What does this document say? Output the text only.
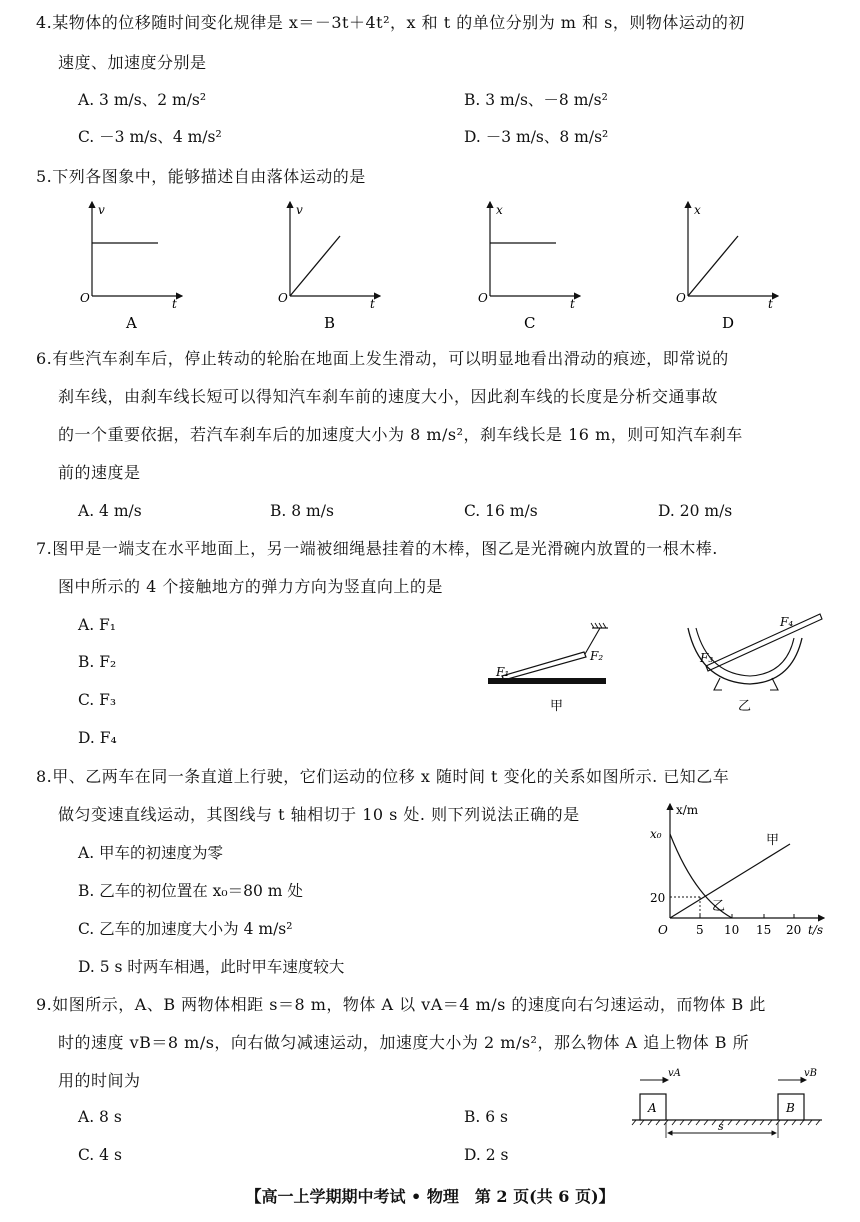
4.某物体的位移随时间变化规律是 x＝－3t＋4t²，x 和 t 的单位分别为 m 和 s，则物体运动的初
速度、加速度分别是
A. 3 m/s、2 m/s²	B. 3 m/s、－8 m/s²
C. －3 m/s、4 m/s²	D. －3 m/s、8 m/s²
5.下列各图象中，能够描述自由落体运动的是
v
t
O
A
v
t
O
B
x
t
O
C
x
t
O
D
6.有些汽车刹车后，停止转动的轮胎在地面上发生滑动，可以明显地看出滑动的痕迹，即常说的
刹车线，由刹车线长短可以得知汽车刹车前的速度大小，因此刹车线的长度是分析交通事故
的一个重要依据，若汽车刹车后的加速度大小为 8 m/s²，刹车线长是 16 m，则可知汽车刹车
前的速度是
A. 4 m/s	B. 8 m/s	C. 16 m/s	D. 20 m/s
7.图甲是一端支在水平地面上，另一端被细绳悬挂着的木棒，图乙是光滑碗内放置的一根木棒.
图中所示的 4 个接触地方的弹力方向为竖直向上的是
A. F₁
B. F₂
C. F₃
D. F₄
F₁
F₂
甲
F₃
F₄
乙
8.甲、乙两车在同一条直道上行驶，它们运动的位移 x 随时间 t 变化的关系如图所示. 已知乙车
做匀变速直线运动，其图线与 t 轴相切于 10 s 处. 则下列说法正确的是
A. 甲车的初速度为零
B. 乙车的初位置在 x₀＝80 m 处
C. 乙车的加速度大小为 4 m/s²
D. 5 s 时两车相遇，此时甲车速度较大
x/m
x₀
20
O 5 10 15 20 t/s
甲
乙
9.如图所示，A、B 两物体相距 s＝8 m，物体 A 以 vA＝4 m/s 的速度向右匀速运动，而物体 B 此
时的速度 vB＝8 m/s，向右做匀减速运动，加速度大小为 2 m/s²，那么物体 A 追上物体 B 所
用的时间为
A. 8 s	B. 6 s
C. 4 s	D. 2 s
A	B
vA	vB
s
【高一上学期期中考试 • 物理　第 2 页(共 6 页)】
